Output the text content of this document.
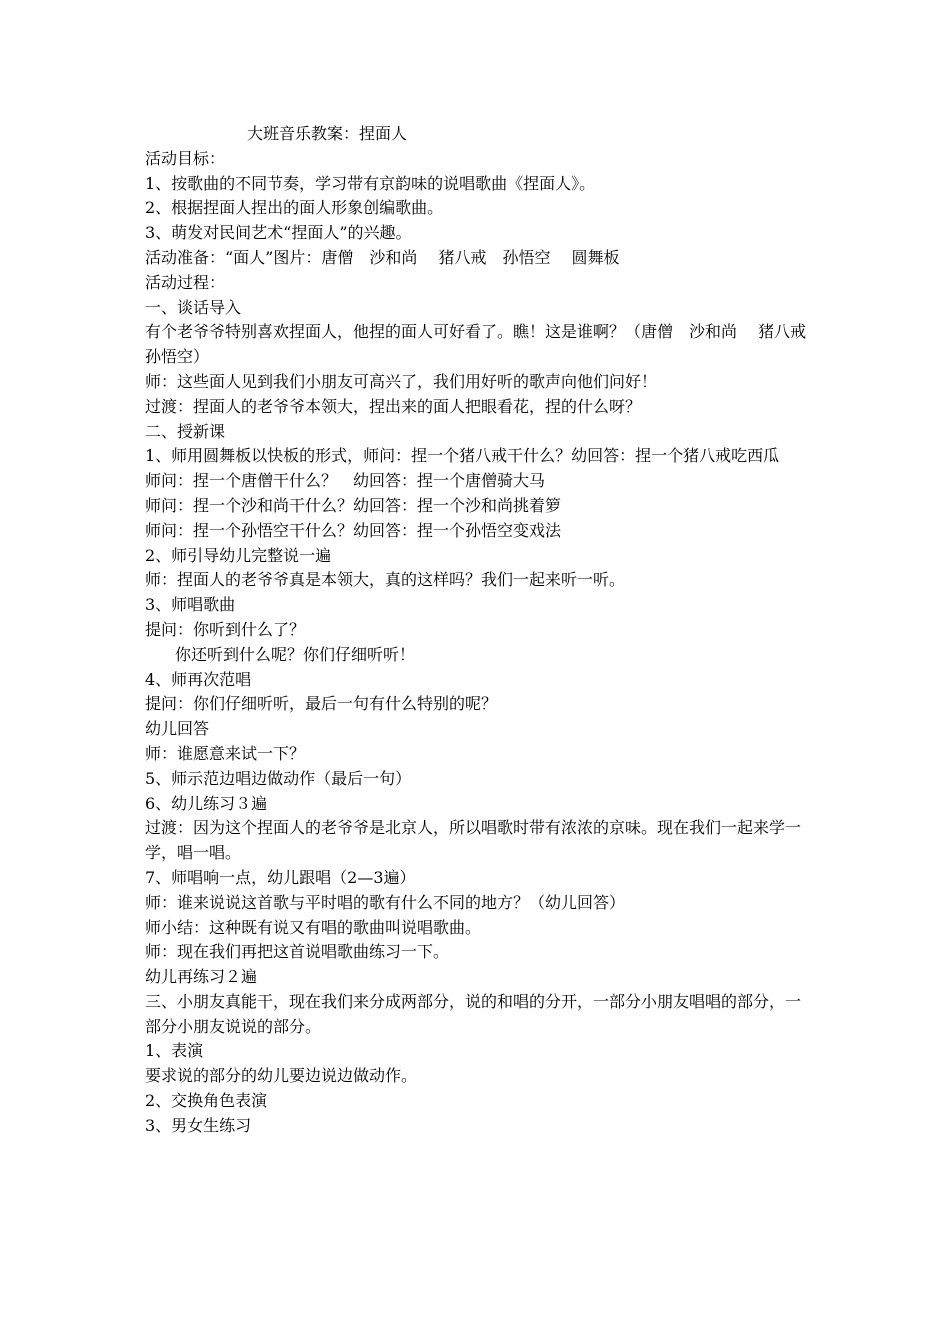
大班音乐教案：捏面人

活动目标：

1、按歌曲的不同节奏，学习带有京韵味的说唱歌曲《捏面人》。

2、根据捏面人捏出的面人形象创编歌曲。

3、萌发对民间艺术“捏面人”的兴趣。

活动准备：“面人”图片：唐僧　沙和尚　 猪八戒　孙悟空　 圆舞板

活动过程：

一、谈话导入

有个老爷爷特别喜欢捏面人，他捏的面人可好看了。瞧！这是谁啊？（唐僧　沙和尚　 猪八戒　孙悟空）

师：这些面人见到我们小朋友可高兴了，我们用好听的歌声向他们问好！

过渡：捏面人的老爷爷本领大，捏出来的面人把眼看花，捏的什么呀？

二、授新课

1、师用圆舞板以快板的形式，师问：捏一个猪八戒干什么？幼回答：捏一个猪八戒吃西瓜

师问：捏一个唐僧干什么？　幼回答：捏一个唐僧骑大马

师问：捏一个沙和尚干什么？幼回答：捏一个沙和尚挑着箩

师问：捏一个孙悟空干什么？幼回答：捏一个孙悟空变戏法

2、师引导幼儿完整说一遍

师：捏面人的老爷爷真是本领大，真的这样吗？我们一起来听一听。

3、师唱歌曲

提问：你听到什么了？

你还听到什么呢？你们仔细听听！

4、师再次范唱

提问：你们仔细听听，最后一句有什么特别的呢？

幼儿回答

师：谁愿意来试一下？

5、师示范边唱边做动作（最后一句）

6、幼儿练习３遍

过渡：因为这个捏面人的老爷爷是北京人，所以唱歌时带有浓浓的京味。现在我们一起来学一学，唱一唱。

7、师唱响一点，幼儿跟唱（2—3遍）

师：谁来说说这首歌与平时唱的歌有什么不同的地方？（幼儿回答）

师小结：这种既有说又有唱的歌曲叫说唱歌曲。

师：现在我们再把这首说唱歌曲练习一下。

幼儿再练习２遍

三、小朋友真能干，现在我们来分成两部分，说的和唱的分开，一部分小朋友唱唱的部分，一部分小朋友说说的部分。

1、表演

要求说的部分的幼儿要边说边做动作。

2、交换角色表演

3、男女生练习
